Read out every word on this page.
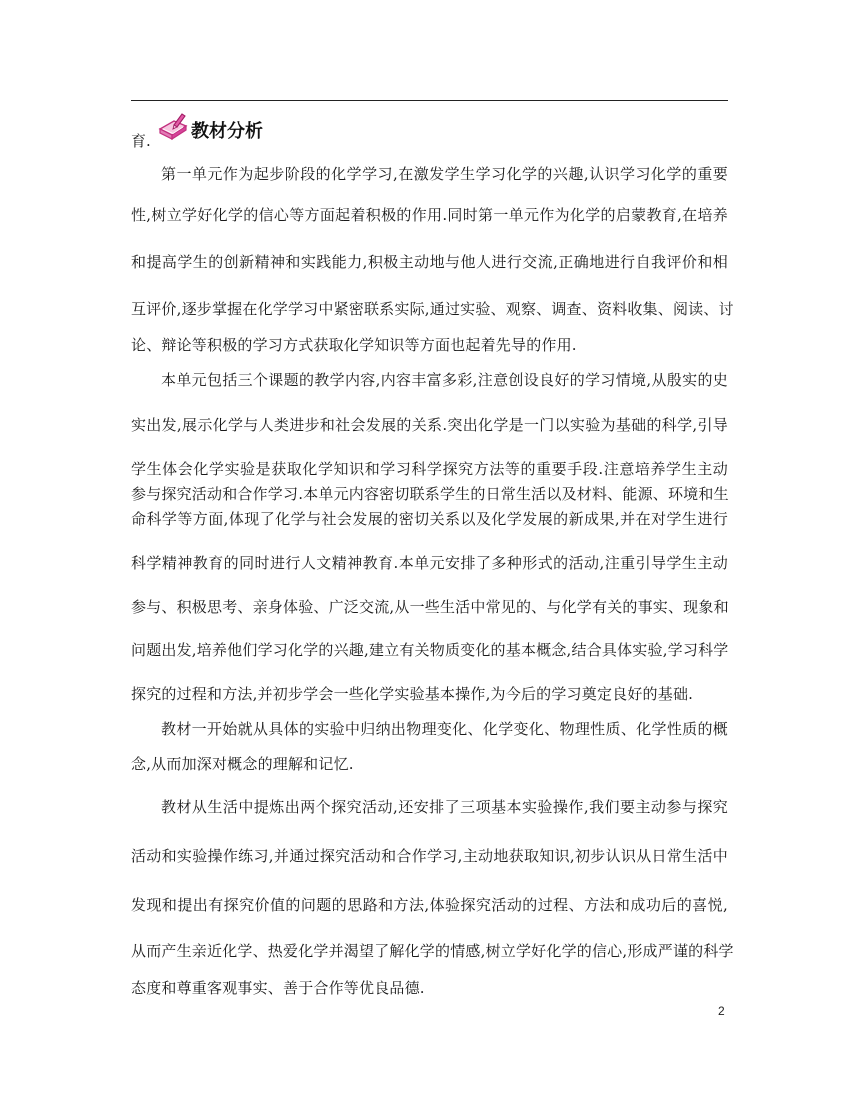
育. 教材分析
第一单元作为起步阶段的化学学习,在激发学生学习化学的兴趣,认识学习化学的重要
性,树立学好化学的信心等方面起着积极的作用.同时第一单元作为化学的启蒙教育,在培养
和提高学生的创新精神和实践能力,积极主动地与他人进行交流,正确地进行自我评价和相
互评价,逐步掌握在化学学习中紧密联系实际,通过实验、观察、调查、资料收集、阅读、讨
论、辩论等积极的学习方式获取化学知识等方面也起着先导的作用.
本单元包括三个课题的教学内容,内容丰富多彩,注意创设良好的学习情境,从殷实的史
实出发,展示化学与人类进步和社会发展的关系.突出化学是一门以实验为基础的科学,引导
学生体会化学实验是获取化学知识和学习科学探究方法等的重要手段.注意培养学生主动
参与探究活动和合作学习.本单元内容密切联系学生的日常生活以及材料、能源、环境和生
命科学等方面,体现了化学与社会发展的密切关系以及化学发展的新成果,并在对学生进行
科学精神教育的同时进行人文精神教育.本单元安排了多种形式的活动,注重引导学生主动
参与、积极思考、亲身体验、广泛交流,从一些生活中常见的、与化学有关的事实、现象和
问题出发,培养他们学习化学的兴趣,建立有关物质变化的基本概念,结合具体实验,学习科学
探究的过程和方法,并初步学会一些化学实验基本操作,为今后的学习奠定良好的基础.
教材一开始就从具体的实验中归纳出物理变化、化学变化、物理性质、化学性质的概
念,从而加深对概念的理解和记忆.
教材从生活中提炼出两个探究活动,还安排了三项基本实验操作,我们要主动参与探究
活动和实验操作练习,并通过探究活动和合作学习,主动地获取知识,初步认识从日常生活中
发现和提出有探究价值的问题的思路和方法,体验探究活动的过程、方法和成功后的喜悦,
从而产生亲近化学、热爱化学并渴望了解化学的情感,树立学好化学的信心,形成严谨的科学
态度和尊重客观事实、善于合作等优良品德.
2
